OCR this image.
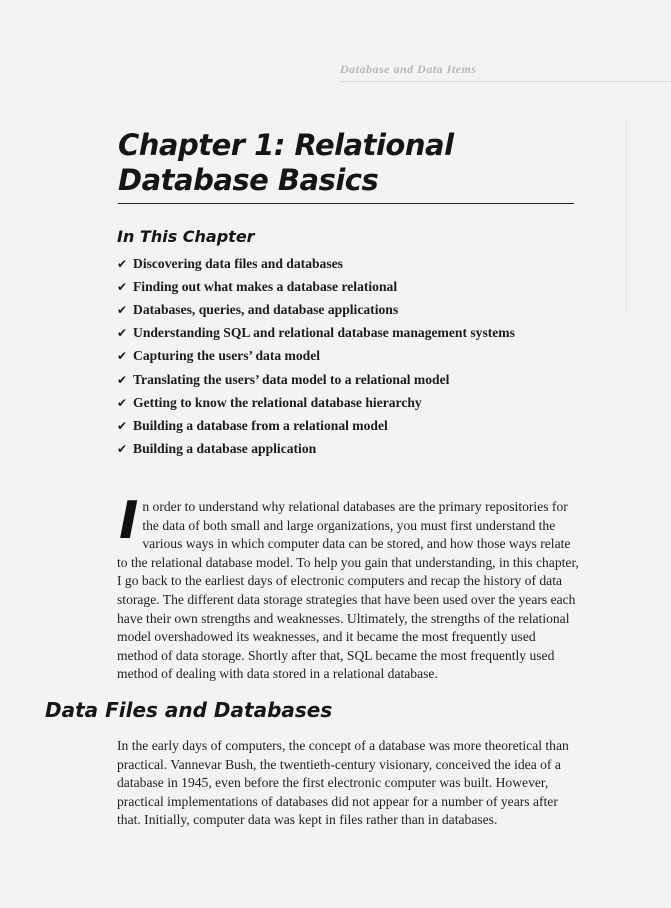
Database and Data Items
Chapter 1: Relational
Database Basics
In This Chapter
✔ Discovering data files and databases
✔ Finding out what makes a database relational
✔ Databases, queries, and database applications
✔ Understanding SQL and relational database management systems
✔ Capturing the users’ data model
✔ Translating the users’ data model to a relational model
✔ Getting to know the relational database hierarchy
✔ Building a database from a relational model
✔ Building a database application
I n order to understand why relational databases are the primary repositories for the data of both small and large organizations, you must first understand the various ways in which computer data can be stored, and how those ways relate to the relational database model. To help you gain that understanding, in this chapter, I go back to the earliest days of electronic computers and recap the history of data storage. The different data storage strategies that have been used over the years each have their own strengths and weaknesses. Ultimately, the strengths of the relational model overshadowed its weaknesses, and it became the most frequently used method of data storage. Shortly after that, SQL became the most frequently used method of dealing with data stored in a relational database.

Data Files and Databases

In the early days of computers, the concept of a database was more theoretical than practical. Vannevar Bush, the twentieth-century visionary, conceived the idea of a database in 1945, even before the first electronic computer was built. However, practical implementations of databases did not appear for a number of years after that. Initially, computer data was kept in files rather than in databases.
